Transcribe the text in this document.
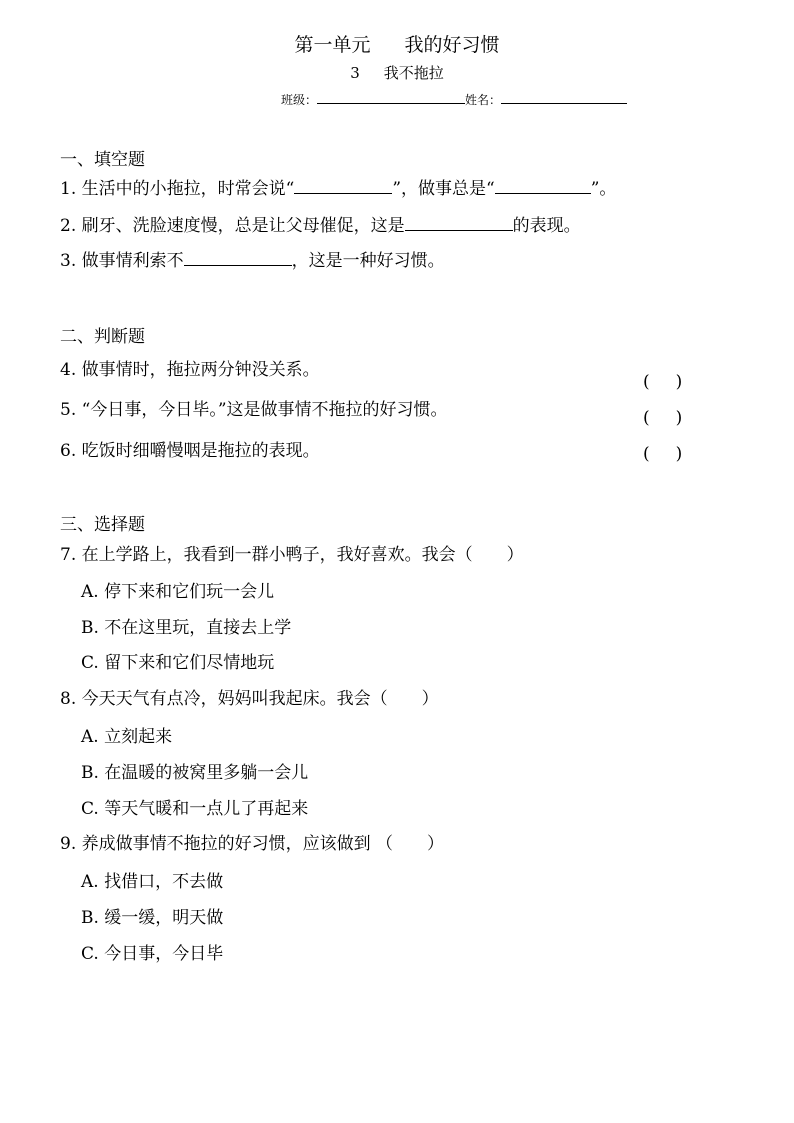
第一单元 我的好习惯
3 我不拖拉
班级：	姓名：
一、填空题
1. 生活中的小拖拉，时常会说“	”，做事总是“	”。
2. 刷牙、洗脸速度慢，总是让父母催促，这是	的表现。
3. 做事情利索不	，这是一种好习惯。
二、判断题
4. 做事情时，拖拉两分钟没关系。
5. “今日事，今日毕。”这是做事情不拖拉的好习惯。
6. 吃饭时细嚼慢咽是拖拉的表现。
( )
( )
( )
三、选择题
7. 在上学路上，我看到一群小鸭子，我好喜欢。我会（　　）
A. 停下来和它们玩一会儿
B. 不在这里玩，直接去上学
C. 留下来和它们尽情地玩
8. 今天天气有点冷，妈妈叫我起床。我会（　　）
A. 立刻起来
B. 在温暖的被窝里多躺一会儿
C. 等天气暖和一点儿了再起来
9. 养成做事情不拖拉的好习惯，应该做到 （　　）
A. 找借口，不去做
B. 缓一缓，明天做
C. 今日事，今日毕
